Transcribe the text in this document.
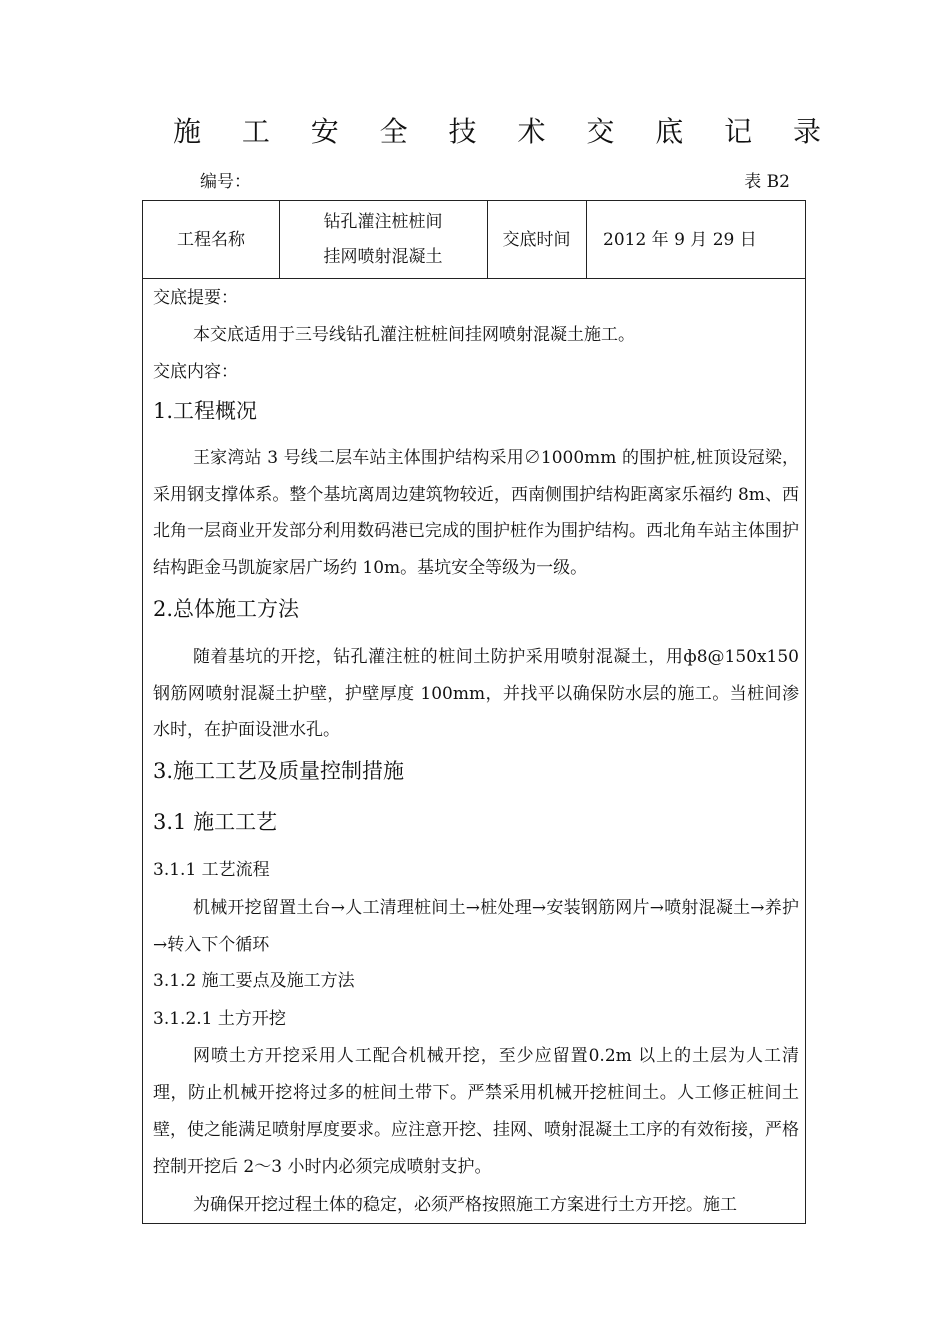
施 工 安 全 技 术 交 底 记 录
编号：	表 B2
工程名称
钻孔灌注桩桩间
挂网喷射混凝土
交底时间	2012 年 9 月 29 日
交底提要：
本交底适用于三号线钻孔灌注桩桩间挂网喷射混凝土施工。
交底内容：
1.工程概况
王家湾站 3 号线二层车站主体围护结构采用∅1000mm 的围护桩,桩顶设冠梁，采用钢支撑体系。整个基坑离周边建筑物较近，西南侧围护结构距离家乐福约 8m、西北角一层商业开发部分利用数码港已完成的围护桩作为围护结构。西北角车站主体围护结构距金马凯旋家居广场约 10m。基坑安全等级为一级。
2.总体施工方法
随着基坑的开挖，钻孔灌注桩的桩间土防护采用喷射混凝土，用ф8@150x150 钢筋网喷射混凝土护壁，护壁厚度 100mm，并找平以确保防水层的施工。当桩间渗水时，在护面设泄水孔。
3.施工工艺及质量控制措施
3.1 施工工艺
3.1.1 工艺流程
机械开挖留置土台→人工清理桩间土→桩处理→安装钢筋网片→喷射混凝土→养护→转入下个循环
3.1.2 施工要点及施工方法
3.1.2.1 土方开挖
网喷土方开挖采用人工配合机械开挖，至少应留置0.2m 以上的土层为人工清理，防止机械开挖将过多的桩间土带下。严禁采用机械开挖桩间土。人工修正桩间土壁，使之能满足喷射厚度要求。应注意开挖、挂网、喷射混凝土工序的有效衔接，严格控制开挖后 2～3 小时内必须完成喷射支护。
为确保开挖过程土体的稳定，必须严格按照施工方案进行土方开挖。施工
